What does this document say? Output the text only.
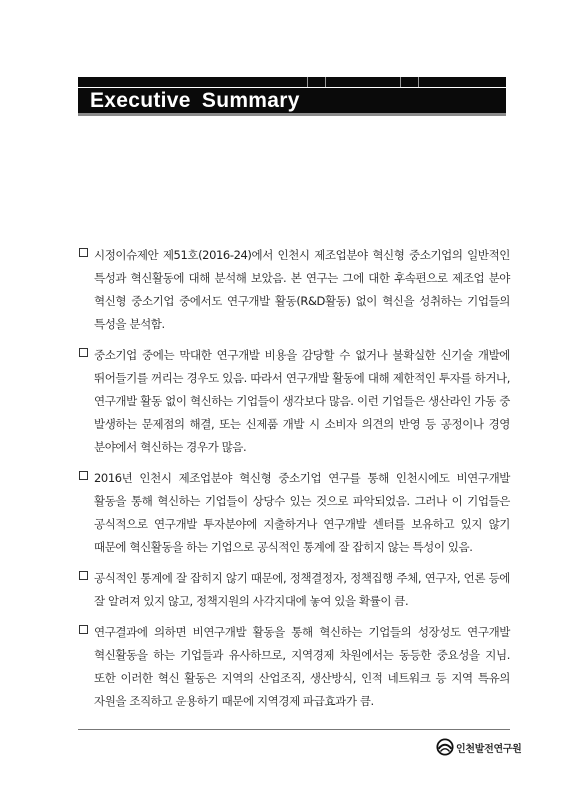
Executive Summary
시정이슈제안 제51호(2016-24)에서 인천시 제조업분야 혁신형 중소기업의 일반적인 특성과 혁신활동에 대해 분석해 보았음. 본 연구는 그에 대한 후속편으로 제조업 분야 혁신형 중소기업 중에서도 연구개발 활동(R&D활동) 없이 혁신을 성취하는 기업들의 특성을 분석함.
중소기업 중에는 막대한 연구개발 비용을 감당할 수 없거나 불확실한 신기술 개발에 뛰어들기를 꺼리는 경우도 있음. 따라서 연구개발 활동에 대해 제한적인 투자를 하거나, 연구개발 활동 없이 혁신하는 기업들이 생각보다 많음. 이런 기업들은 생산라인 가동 중 발생하는 문제점의 해결, 또는 신제품 개발 시 소비자 의견의 반영 등 공정이나 경영 분야에서 혁신하는 경우가 많음.
2016년 인천시 제조업분야 혁신형 중소기업 연구를 통해 인천시에도 비연구개발 활동을 통해 혁신하는 기업들이 상당수 있는 것으로 파악되었음. 그러나 이 기업들은 공식적으로 연구개발 투자분야에 지출하거나 연구개발 센터를 보유하고 있지 않기 때문에 혁신활동을 하는 기업으로 공식적인 통계에 잘 잡히지 않는 특성이 있음.
공식적인 통계에 잘 잡히지 않기 때문에, 정책결정자, 정책집행 주체, 연구자, 언론 등에 잘 알려져 있지 않고, 정책지원의 사각지대에 놓여 있을 확률이 큼.
연구결과에 의하면 비연구개발 활동을 통해 혁신하는 기업들의 성장성도 연구개발 혁신활동을 하는 기업들과 유사하므로, 지역경제 차원에서는 동등한 중요성을 지님. 또한 이러한 혁신 활동은 지역의 산업조직, 생산방식, 인적 네트워크 등 지역 특유의 자원을 조직하고 운용하기 때문에 지역경제 파급효과가 큼.
인천발전연구원
